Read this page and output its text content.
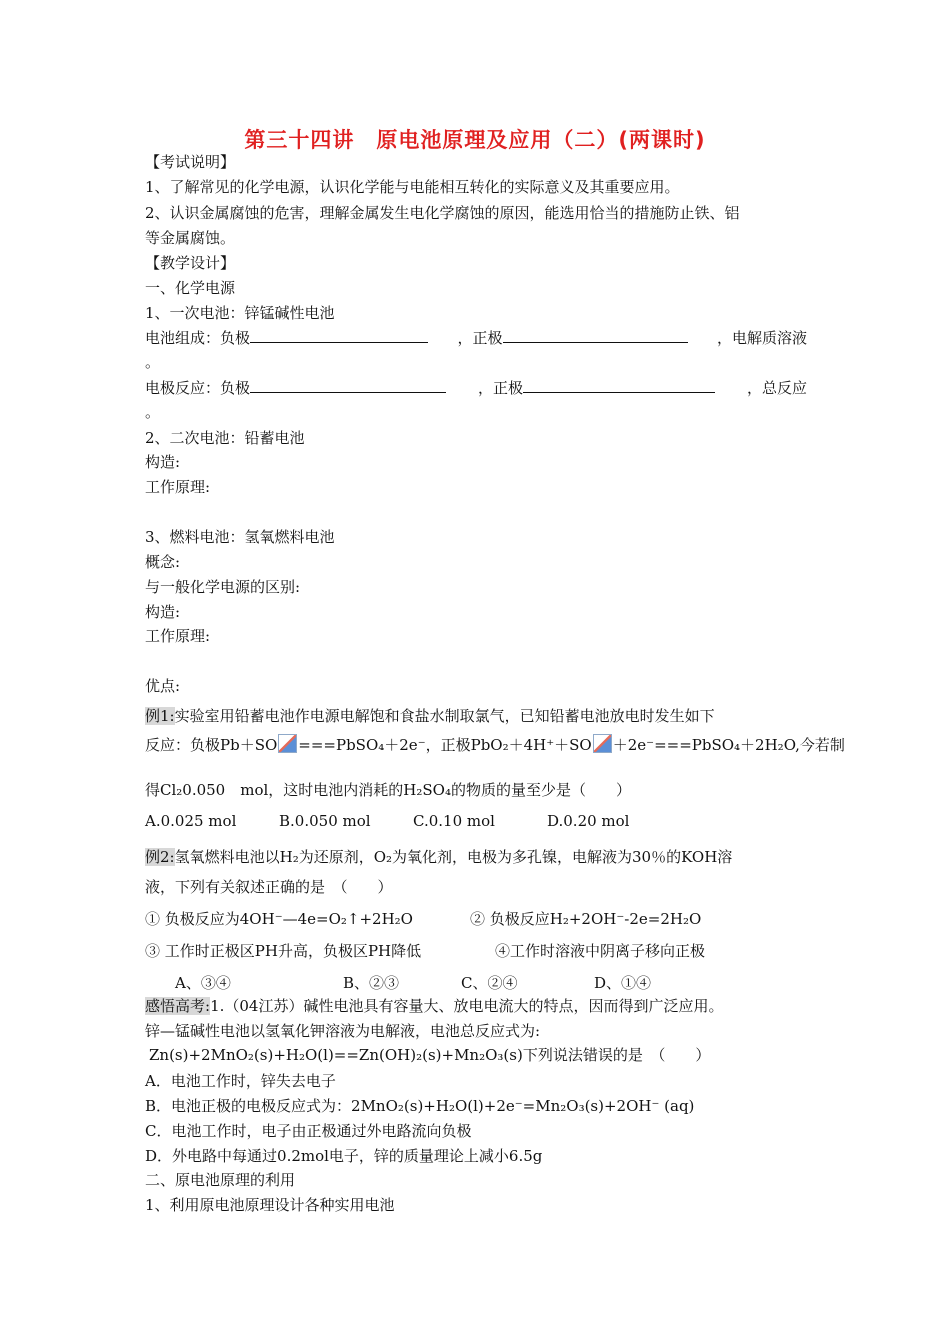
第三十四讲　原电池原理及应用（二）(两课时)
【考试说明】
1、了解常见的化学电源，认识化学能与电能相互转化的实际意义及其重要应用。
2、认识金属腐蚀的危害，理解金属发生电化学腐蚀的原因，能选用恰当的措施防止铁、铝
等金属腐蚀。
【教学设计】
一、化学电源
1、一次电池：锌锰碱性电池
电池组成：负极	，正极	，电解质溶液
。
电极反应：负极	，正极	，总反应
。
2、二次电池：铅蓄电池
构造:
工作原理:
3、燃料电池：氢氧燃料电池
概念:
与一般化学电源的区别:
构造:
工作原理:
优点:
例1:实验室用铅蓄电池作电源电解饱和食盐水制取氯气，已知铅蓄电池放电时发生如下
反应：负极Pb＋SO ===PbSO₄＋2e⁻，正极PbO₂＋4H⁺＋SO ＋2e⁻===PbSO₄＋2H₂O,今若制
得Cl₂0.050　mol，这时电池内消耗的H₂SO₄的物质的量至少是（　　）
A.0.025 mol	B.0.050 mol	C.0.10 mol	D.0.20 mol
例2:氢氧燃料电池以H₂为还原剂，O₂为氧化剂，电极为多孔镍，电解液为30％的KOH溶
液，下列有关叙述正确的是　（　　）
① 负极反应为4OH⁻—4e=O₂↑+2H₂O	② 负极反应H₂+2OH⁻-2e=2H₂O
③ 工作时正极区PH升高，负极区PH降低	④工作时溶液中阴离子移向正极
A、③④	B、②③	C、②④	D、①④
感悟高考:1.（04江苏）碱性电池具有容量大、放电电流大的特点，因而得到广泛应用。
锌—锰碱性电池以氢氧化钾溶液为电解液，电池总反应式为:
Zn(s)+2MnO₂(s)+H₂O(l)==Zn(OH)₂(s)+Mn₂O₃(s)下列说法错误的是　（　　）
A．电池工作时，锌失去电子
B．电池正极的电极反应式为：2MnO₂(s)+H₂O(l)+2e⁻=Mn₂O₃(s)+2OH⁻ (aq)
C．电池工作时，电子由正极通过外电路流向负极
D．外电路中每通过0.2mol电子，锌的质量理论上减小6.5g
二、原电池原理的利用
1、利用原电池原理设计各种实用电池
